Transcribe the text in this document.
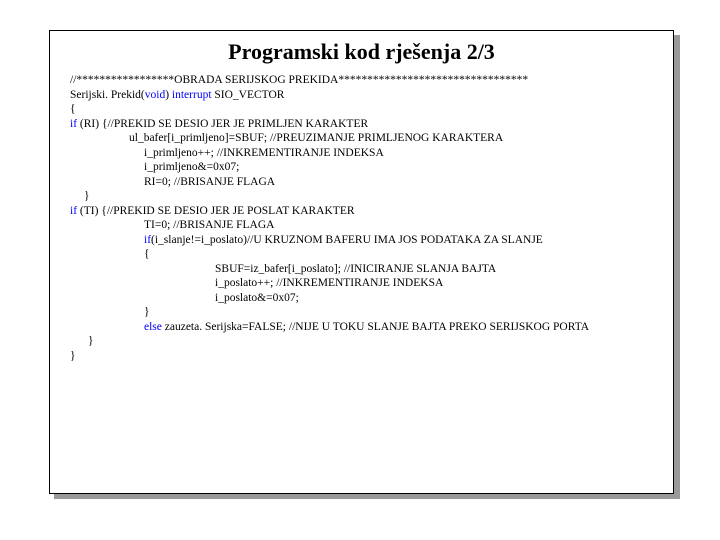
Programski kod rješenja 2/3
//*****************OBRADA SERIJSKOG PREKIDA*********************************
Serijski. Prekid(void) interrupt SIO_VECTOR
{
if (RI) {//PREKID SE DESIO JER JE PRIMLJEN KARAKTER
ul_bafer[i_primljeno]=SBUF; //PREUZIMANJE PRIMLJENOG KARAKTERA
i_primljeno++; //INKREMENTIRANJE INDEKSA
i_primljeno&=0x07;
RI=0; //BRISANJE FLAGA
}
if (TI) {//PREKID SE DESIO JER JE POSLAT KARAKTER
TI=0; //BRISANJE FLAGA
if(i_slanje!=i_poslato)//U KRUZNOM BAFERU IMA JOS PODATAKA ZA SLANJE
{
SBUF=iz_bafer[i_poslato]; //INICIRANJE SLANJA BAJTA
i_poslato++; //INKREMENTIRANJE INDEKSA
i_poslato&=0x07;
}
else zauzeta. Serijska=FALSE; //NIJE U TOKU SLANJE BAJTA PREKO SERIJSKOG PORTA
}
}
